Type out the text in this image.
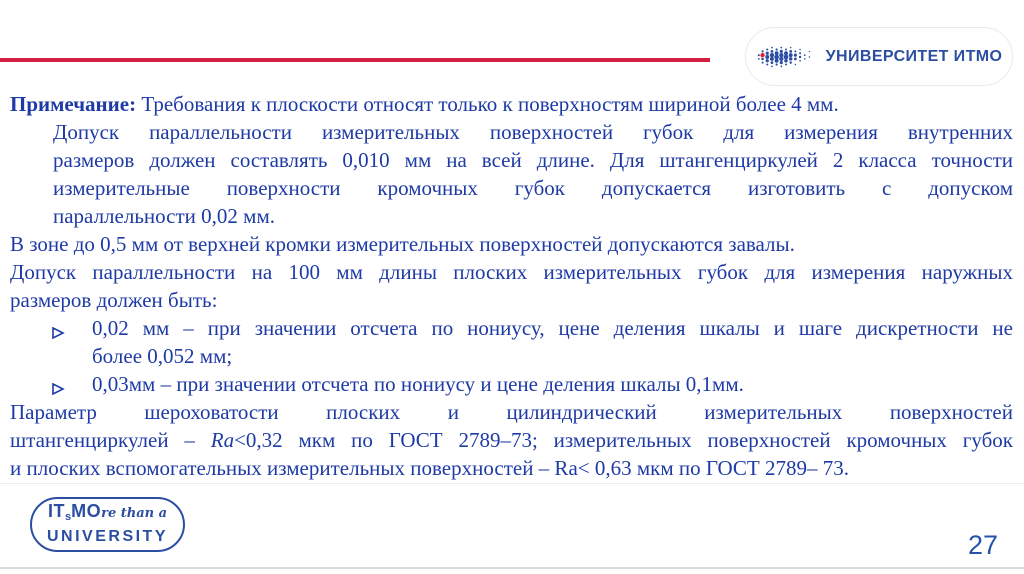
УНИВЕРСИТЕТ ИТМО
Примечание: Требования к плоскости относят только к поверхностям шириной более 4 мм.
Допуск параллельности измерительных поверхностей губок для измерения внутренних
размеров должен составлять 0,010 мм на всей длине. Для штангенциркулей 2 класса точности
измерительные поверхности кромочных губок допускается изготовить с допуском
параллельности 0,02 мм.
В зоне до 0,5 мм от верхней кромки измерительных поверхностей допускаются завалы.
Допуск параллельности на 100 мм длины плоских измерительных губок для измерения наружных
размеров должен быть:
0,02 мм – при значении отсчета по нониусу, цене деления шкалы и шаге дискретности не
более 0,052 мм;
0,03мм – при значении отсчета по нониусу и цене деления шкалы 0,1мм.
Параметр шероховатости плоских и цилиндрический измерительных поверхностей
штангенциркулей – Ra<0,32 мкм по ГОСТ 2789–73; измерительных поверхностей кромочных губок
и плоских вспомогательных измерительных поверхностей – Ra< 0,63 мкм по ГОСТ 2789– 73.
ITsMOre than a
UNIVERSITY	27
